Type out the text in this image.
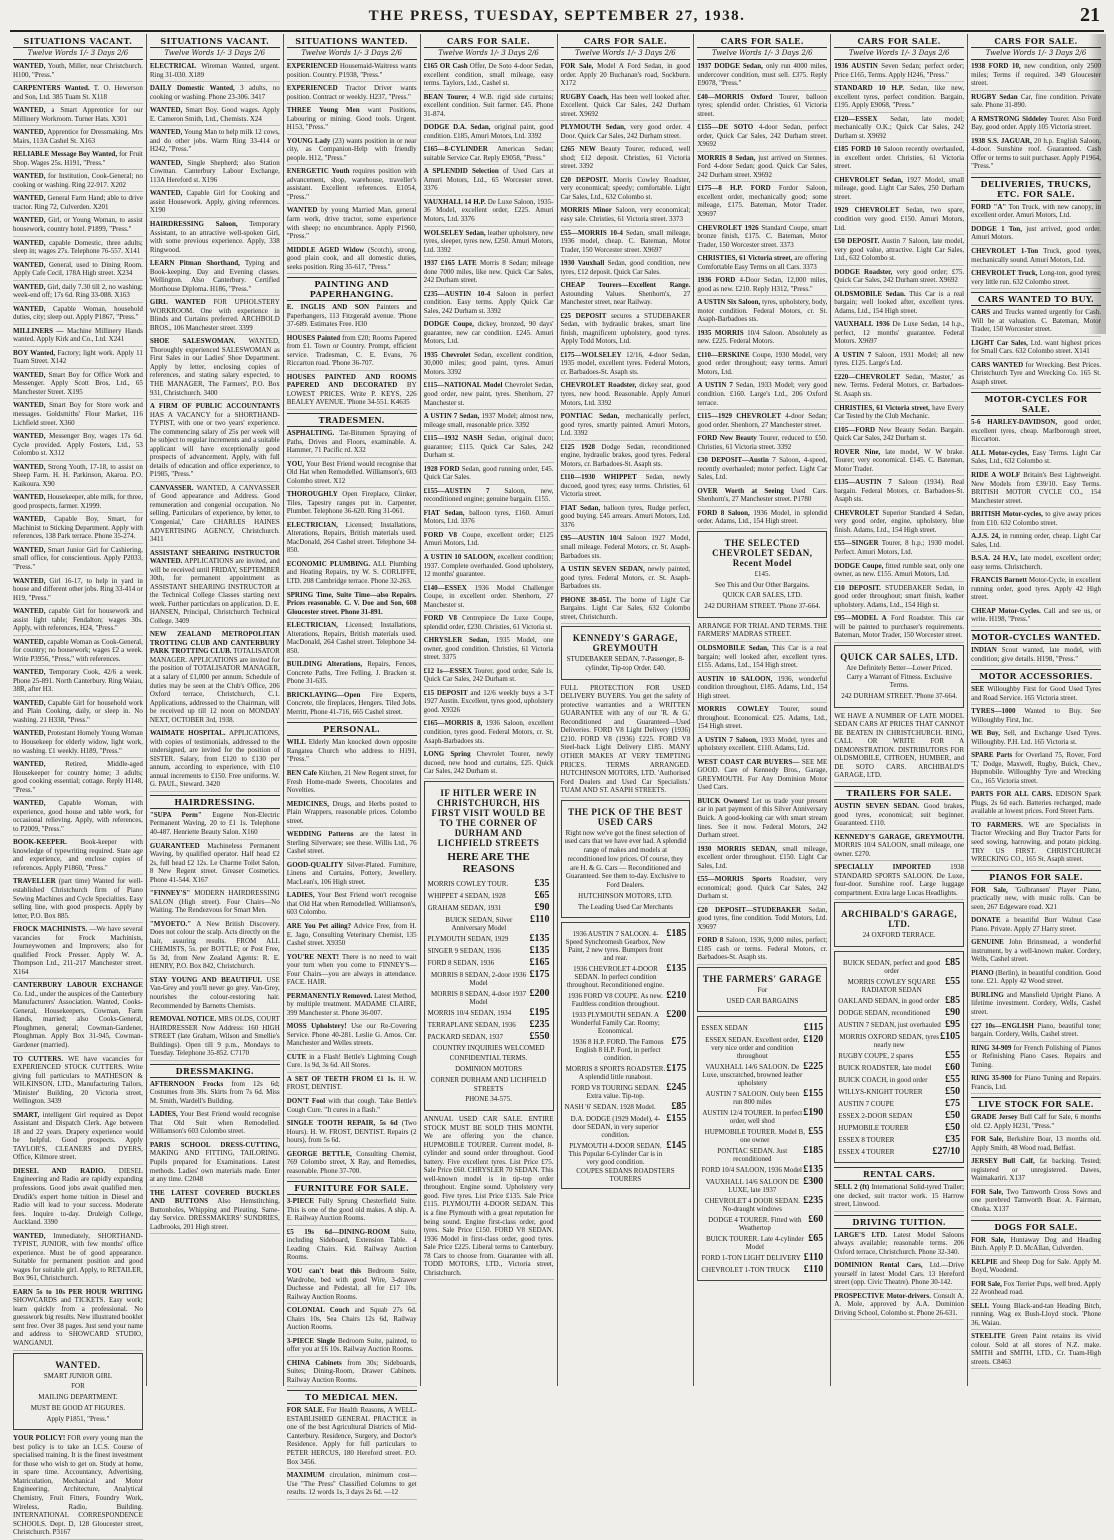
THE PRESS, TUESDAY, SEPTEMBER 27, 1938.	21
SITUATIONS VACANT.
Twelve Words 1/- 3 Days 2/6

WANTED, Youth, Miller, near Christchurch. H100, "Press."

CARPENTERS Wanted. T. O. Hewerson and Son, Ltd. 385 Tuam St. X118

WANTED, a Smart Apprentice for our Millinery Workroom. Turner Hats. X301

WANTED, Apprentice for Dressmaking. Mrs Mairs, 113A Cashel St. X163

RELIABLE Message Boy Wanted, for Fruit Shop. Wages 25s. H191, "Press."

WANTED, for Institution, Cook-General; no cooking or washing. Ring 22-917. X202

WANTED, General Farm Hand; able to drive tractor. Ring 72, Culverden. X201

WANTED, Girl, or Young Woman, to assist housework, country hotel. P1899, "Press."

WANTED, capable Domestic, three adults; sleep in; wages 27s. Telephone 76-557. X141

WANTED, General, used to Dining Room. Apply Cafe Cecil, 178A High street. X234

WANTED, Girl, daily 7.30 till 2, no washing; week-end off; 17s 6d. Ring 33-088. X163

WANTED, Capable Woman, household duties, city; sleep out. Apply P1867, "Press."

MILLINERS — Machine Millinery Hands wanted. Apply Kirk and Co., Ltd. X241

BOY Wanted, Factory; light work. Apply 11 Tuam Street. X142

WANTED, Smart Boy for Office Work and Messenger. Apply Scott Bros, Ltd., 65 Manchester Street. X195

WANTED, Smart Boy for Store work and messages. Goldsmiths' Flour Market, 116 Lichfield street. X360

WANTED, Messenger Boy, wages 17s 6d. Cycle provided. Apply Fosters, Ltd., 53 Colombo st. X312

WANTED, Strong Youth, 17-18, to assist on Sheep Farm. H. H. Parkinson, Akaroa. P.O. Kaikoura. X90

WANTED, Housekeeper, able milk, for three, good prospects, farmer. X1999.

WANTED, Capable Boy, Smart, for Machinist to Sticking Department. Apply with references, 138 Park terrace. Phone 35-274.

WANTED, Smart Junior Girl for Cashiering, small office, for conscientious. Apply P2033, "Press."

WANTED, Girl 16-17, to help in yard in house and different other jobs. Ring 33-414 or H19, "Press."

WANTED, capable Girl for housework and assist light table; Fendalton; wages 30s. Apply, with references, H24, "Press."

WANTED, capable Woman as Cook-General, for country; no housework; wages £2 a week. Write P3956, "Press," with references.

WANTED, Temporary Cook, 42/6 a week. Phone 25-891. North Canterbury. Ring Waiau, 38R, after H3.

WANTED, Capable Girl for household work and Plain Cooking, daily, or sleep in. No washing. 21 H338, "Press."

WANTED, Protestant Homely Young Woman to Housekeep for elderly widow, light work, no washing. £1 weekly. H189, "Press."

WANTED, Retired, Middle-aged Housekeeper for country home; 3 adults; good cooking essential; cottage. Reply H148, "Press."

WANTED, Capable Woman, with experience, good house and table work, for occasional relieving. Apply, with references, to P2009, "Press."

BOOK-KEEPER. Book-keeper with knowledge of typewriting required. State age and experience, and enclose copies of references. Apply P1860, "Press."

TRAVELLER (part time) Wanted for well-established Christchurch firm of Piano Sewing Machines and Cycle Specialties. Easy selling line, with good prospects. Apply by letter, P.O. Box 885.

FROCK MACHINISTS. —We have several vacancies for Frock Machinists, Journeywomen and Improvers; also for qualified Frock Presser. Apply W. A. Thompson Ltd., 211-217 Manchester street. X164

CANTERBURY LABOUR EXCHANGE Co. Ltd., under the auspices of the Canterbury Manufacturers' Association. Wanted, Cooks-General, Housekeepers, Cowman, Farm Hands, married; also Cooks-General, Ploughmen, general; Cowman-Gardener, Ploughman. Apply Box 31-945, Cowman-Gardener (married).

TO CUTTERS. WE have vacancies for EXPERIENCED STOCK CUTTERS. Write giving full particulars to MATHESON & WILKINSON, LTD., Manufacturing Tailors, 'Minister' Building, 20 Victoria street, Wellington. 3439

SMART, intelligent Girl required as Depot Assistant and Dispatch Clerk. Age between 18 and 22 years. Drapery experience would be helpful. Good prospects. Apply TAYLOR'S, CLEANERS and DYERS, Office, Kilmore street.

DIESEL AND RADIO. DIESEL Engineering and Radio are rapidly expanding professions. Good jobs await qualified men. Drudik's expert home tuition in Diesel and Radio will lead to your success. Moderate fees. Inquire to-day. Druleigh College, Auckland. 3390

WANTED, Immediately, SHORTHAND-TYPIST, JUNIOR, with few months' office experience. Must be of good appearance. Suitable for permanent position and good wages for suitable girl. Apply, to RETAILER, Box 961, Christchurch.

EARN 5s to 10s PER HOUR WRITING SHOWCARDS and TICKETS. Easy work; learn quickly from a professional. No guesswork big results. New illustrated booklet sent free. Over 38 pages. Just send your name and address to SHOWCARD STUDIO, WANGANUI.

WANTED.
SMART JUNIOR GIRL
FOR
MAILING DEPARTMENT.
MUST BE GOOD AT FIGURES.
Apply P1851, "Press."

YOUR POLICY! FOR every young man the best policy is to take an I.C.S. Course of specialised training. It is the finest investment for those who wish to get on. Study at home, in spare time. Accountancy, Advertising, Matriculation, Mechanical and Motor Engineering, Architecture, Analytical Chemistry, Fruit Fitters, Foundry Work, Wireless, Radio, Building. INTERNATIONAL CORRESPONDENCE SCHOOLS. Dept. D, 128 Gloucester street, Christchurch. P3167

SITUATIONS VACANT.
Twelve Words 1/- 3 Days 2/6

ELECTRICAL Wireman Wanted, urgent. Ring 31-030. X189

DAILY Domestic Wanted, 3 adults, no cooking or washing. Phone 23-306. 3417

WANTED, Smart Boy. Good wages. Apply E. Cameron Smith, Ltd., Chemists. X24

WANTED, Young Man to help milk 12 cows, and do other jobs. Warm Ring 33-414 or H242, "Press."

WANTED, Single Shepherd; also Station Cowman. Canterbury Labour Exchange, 113A Hereford st. X196

WANTED, Capable Girl for Cooking and assist Housework. Apply, giving references. X190

HAIRDRESSING Saloon, Temporary Assistant, to an attractive well-spoken Girl, with some previous experience. Apply, 338 Ringwood.

LEARN Pitman Shorthand, Typing and Book-keeping. Day and Evening classes. Wellington. Also Canterbury. Certified Morthouse Diploma. H186, "Press."

GIRL WANTED FOR UPHOLSTERY WORKROOM. One with experience in Blinds and Curtains preferred. ARCHBOLD BROS., 106 Manchester street. 3399

SHOE SALESWOMAN. WANTED, Thoroughly experienced SALESWOMAN as First Sales in our Ladies' Shoe Department. Apply by letter, enclosing copies of references, and stating salary expected, to THE MANAGER, The Farmers', P.O. Box 931, Christchurch. 3400

A FIRM OF PUBLIC ACCOUNTANTS HAS A VACANCY for a SHORTHAND-TYPIST, with one or two years' experience. The commencing salary of 25s per week will be subject to regular increments and a suitable applicant will have exceptionally good prospects of advancement. Apply, with full details of education and office experience, to P1985, "Press."

CANVASSER. WANTED, A CANVASSER of Good appearance and Address. Good remuneration and congenial occupation. No selling. Particulars of experience, by letter, to 'Congenial,' Care CHARLES HAINES ADVERTISING AGENCY, Christchurch. 3411

ASSISTANT SHEARING INSTRUCTOR WANTED. APPLICATIONS are invited, and will be received until FRIDAY, SEPTEMBER 30th, for permanent appointment as ASSISTANT SHEARING INSTRUCTOR at the Technical College Classes starting next week. Further particulars on application. D. E. HANSEN, Principal, Christchurch Technical College. 3409

NEW ZEALAND METROPOLITAN TROTTING CLUB AND CANTERBURY PARK TROTTING CLUB. TOTALISATOR MANAGER. APPLICATIONS are invited for the position of TOTALISATOR MANAGER, at a salary of £1,000 per annum. Schedule of duties may be seen at the Club's Office, 206 Oxford terrace, Christchurch, C.1. Applications, addressed to the Chairman, will be received up till 12 noon on MONDAY NEXT, OCTOBER 3rd, 1938.

WAIMATE HOSPITAL. APPLICATIONS, with copies of testimonials, addressed to the undersigned, are invited for the position of SISTER. Salary, from £120 to £130 per annum, according to experience, with £10 annual increments to £150. Free uniforms. W. G. PAUL, Steward. 3420

HAIRDRESSING.

"SUPA Perm" Eugene Non-Electric Permanent Waving, 20 to £1 1s. Telephone 40-487. Henriette Beauty Salon. X160

GUARANTEED Machineless Permanent Waving, by qualified operator. Half head £2 2s, full head £2 12s. Le Charme Toilet Salon, 8 New Regent street. Greaser Cosmetics. Phone 41-544. X167

"FINNEY'S" MODERN HAIRDRESSING SALON (High street). Four Chairs—No Waiting. The Rendezvous for Smart Men.

"MYOETO." A New British Discovery. Does not colour the scalp. Acts directly on the hair, assuring results. FROM ALL CHEMISTS, 5s. per BOTTLE; or Post Free, 5s 3d, from New Zealand Agents: R. E. HENRY, P.O. Box 842, Christchurch.

STAY YOUNG AND BEAUTIFUL USE Van-Grey and you'll never go grey. Van-Grey, nourishes the colour-restoring hair. Recommended by Barnetts Chemists.

REMOVAL NOTICE. MRS OLDS, COURT HAIRDRESSER Now Address: 160 HIGH STREET (late Graham, Wilson and Smellie's Buildings). Open till 9 p.m., Mondays to Tuesday. Telephone 35-852. C7170

DRESSMAKING.

AFTERNOON Frocks from 12s 6d; Costumes from 30s. Skirts from 7s 6d. Miss M. Smith, Wardell's Building.

LADIES, Your Best Friend would recognise That Old Suit when Remodelled. Williamson's 603 Colombo street.

PARIS SCHOOL DRESS-CUTTING, MAKING AND FITTING, TAILORING. Pupils prepared for Examinations. Latest methods. Ladies' own materials made. Enter at any time. C2048

THE LATEST COVERED BUCKLES AND BUTTONS Also Hemstitching, Buttonholes, Whipping and Pleating. Same-day Service. DRESSMAKERS' SUNDRIES, Ladbrooks, 201 High street.

SITUATIONS WANTED.
Twelve Words 1/- 3 Days 2/6

EXPERIENCED Housemaid-Waitress wants position. Country. P1938, "Press."

EXPERIENCED Tractor Driver wants position. Contract or weekly. H237, "Press."

THREE Young Men want Positions, Labouring or mining. Good tools. Urgent. H153, "Press."

YOUNG Lady (23) wants position in or near city, as Companion-Help with friendly people. H12, "Press."

ENERGETIC Youth requires position with advancement, shop, warehouse, traveller's assistant. Excellent references. E1054, "Press."

WANTED by young Married Man, general farm work, drive tractor, some experience with sheep; no encumbrance. Apply P1960, "Press."

MIDDLE AGED Widow (Scotch), strong, good plain cook, and all domestic duties, seeks position. Ring 35-617, "Press."

PAINTING AND PAPERHANGING.

E. INGLIS AND SON Painters and Paperhangers, 113 Fitzgerald avenue. 'Phone 37-689. Estimates Free. H30

HOUSES Painted from £20; Rooms Papered from £1. Town or Country. Prompt, efficient service. Tradesman, C. E. Evans, 76 Riccarton road. 'Phone 36-707.

HOUSES PAINTED AND ROOMS PAPERED AND DECORATED BY LOWEST PRICES. Write P. KEYS, 226 BEALEY AVENUE. 'Phone 34-551. K4635

TRADESMEN.

ASPHALTING. Tar-Bitumen Spraying of Paths, Drives and Floors, examinable. A. Hammer, 71 Pacific rd. X32

YOU, Your Best Friend would recognise that Old Hat when Remodelled. Williamson's, 603 Colombo street. X12

THOROUGHLY Open Fireplace, Clinker, Tiles, Tapestry ranges put in. Carpenter, Plumber. Telephone 36-620. Ring 31-061.

ELECTRICIAN, Licensed; Installations, Alterations, Repairs, British materials used. MacDonald, 264 Cashel street. Telephone 34-850.

ECONOMIC PLUMBING. ALL Plumbing and Heating Repairs, try W. S. CORLIFFE, LTD. 208 Cambridge terrace. Phone 32-263.

SPRING Time, Suite Time—also Repairs. Prices reasonable. C. V. Doe and Son, 608 Gloucester street. Phone 31-891.

ELECTRICIAN, Licensed; Installations, Alterations, Repairs, British materials used. MacDonald, 264 Cashel street. Telephone 34-850.

BUILDING Alterations, Repairs, Fences, Concrete Paths, Tree Felling. J. Bracken st. Phone 31-635.

BRICKLAYING—Open Fire Experts, Concrete, tile fireplaces, Hengers. Tiled Jobs. Merritt, Phone 41-716, 665 Cashel street.

PERSONAL.

WILL Elderly Man knocked down opposite Rangatea Church who address to H191, "Press."

BEN Cafe Kitchen, 21 New Regent street, for Fresh Home-made Sweets, Chocolates and Novelties.

MEDICINES, Drugs, and Herbs posted to Plain Wrappers, reasonable prices. Colombo street.

WEDDING Patterns are the latest in Sterling Silverware; see these. Willis Ltd., 76 Cashel street.

GOOD-QUALITY Silver-Plated. Furniture, Linens and Curtains, Pottery, Jewellery. MacLean's, 106 High street.

LADIES, Your Best Friend won't recognise that Old Hat when Remodelled. Williamson's, 603 Colombo.

ARE You Pet ailing? Advice Free, from H. E. Jago, Consulting Veterinary Chemist, 135 Cashel street. X9350

YOU'RE NEXT! There is no need to wait your turn when you come to FINNEY'S—Four Chairs—you are always in attendance. FACE. HAIR.

PERMANENTLY Removed. Latest Method, by multiple treatment. MADAME CLAIRE, 399 Manchester st. Phone 36-007.

MOSS Upholstery! Use our Re-Covering Service. Phone 40-281. Leslie G. Amos. Cnr. Manchester and Welles streets.

CUTE in a Flash! Bettle's Lightning Cough Cure. 1s 9d, 3s 6d. All Stores.

A SET OF TEETH FROM £1 1s. H. W. FROST, DENTIST.

DON'T Fool with that cough. Take Bettle's Cough Cure. "It cures in a flash."

SINGLE TOOTH REPAIR, 5s 6d (Two Hours). H. W. FROST, DENTIST. Repairs (2 hours), from 5s 6d.

GEORGE BETTLE, Consulting Chemist, 769 Colombo street, X Ray, and Remedies, reasonable. Phone 37-700.

FURNITURE FOR SALE.

3-PIECE Fully Sprung Chesterfield Suite. This is one of the good old makes. A ship. A. E. Railway Auction Rooms.

£5 19s 6d—DINING-ROOM Suite, including Sideboard, Extension Table. 4 Leading Chairs. Kid. Railway Auction Rooms.

YOU can't beat this Bedroom Suite, Wardrobe, bed with good Wire, 3-drawer Duchesse and Pedestal, all for £17 10s. Railway Auction Rooms.

COLONIAL Couch and Squab 27s 6d. Chairs 10s, Sea Chairs 12s 6d, Railway Auction Rooms.

3-PIECE Single Bedroom Suite, painted, to offer you at £6 10s. Railway Auction Rooms.

CHINA Cabinets from 30s; Sideboards, Suites; Dining-Room, Drawer Cabinets. Railway Auction Rooms.

TO MEDICAL MEN.

FOR SALE. For Health Reasons, A WELL-ESTABLISHED GENERAL PRACTICE in one of the best Agricultural Districts of Mid-Canterbury. Residence, Surgery, and Doctor's Residence. Apply for full particulars to PETER HERCUS, 180 Hereford street. P.O. Box 3456.

MAXIMUM circulation, minimum cost—Use "The Press" Classified Columns to get results. 12 words 1s, 3 days 2s 6d. —12

CARS FOR SALE.
Twelve Words 1/- 3 Days 2/6

£165 OR Cash Offer, De Soto 4-door Sedan, excellent condition, small mileage, easy terms. Taylors, Ltd., Cashel st.

BEAN Tourer, 4 W.B. rigid side curtains; excellent condition. Suit farmer. £45. Phone 31-874.

DODGE D.A. Sedan, original paint, good condition. £185, Amuri Motors, Ltd. 3392

£165—8-CYLINDER American Sedan; suitable Service Car. Reply E9058, "Press."

A SPLENDID Selection of Used Cars at Amuri Motors, Ltd., 65 Worcester street. 3376

VAUXHALL 14 H.P. De Luxe Saloon, 1935-36 Model, excellent order, £225. Amuri Motors, Ltd. 3376

WOLSELEY Sedan, leather upholstery, new tyres, sleeper, tyres new, £250. Amuri Motors, Ltd. 3392

1937 £165 LATE Morris 8 Sedan; mileage done 7000 miles, like new. Quick Car Sales, 242 Durham street.

£235—AUSTIN 10-4 Saloon in perfect condition. Easy terms. Apply Quick Car Sales, 242 Durham st. 3392

DODGE Coupe, dickey, bronzed, 90 days' guarantee, new car condition. £245. Amuri Motors, Ltd.

1935 Chevrolet Sedan, excellent condition, 30,000 miles; good paint, tyres. Amuri Motors. 3392

£115—NATIONAL Model Chevrolet Sedan, good order, new paint, tyres. Shenhorn, 27 Manchester st.

A USTIN 7 Sedan, 1937 Model; almost new, mileage small, reasonable price. 3392

£115—1932 NASH Sedan, original duco; guarantee; £115. Quick Car Sales, 242 Durham st.

1928 FORD Sedan, good running order, £45. Quick Car Sales.

£155—AUSTIN 7 Saloon, new, reconditioned engine; genuine bargain. £155.

FIAT Sedan, balloon tyres, £160. Amuri Motors, Ltd. 3376

FORD V8 Coupe, excellent order; £125 Amuri Motors, Ltd.

A USTIN 10 SALOON, excellent condition; 1937. Complete overhauled. Good upholstery, 12 months' guarantee.

£140—ESSEX 1936 Model Challenger Coupe, in excellent order. Shenhorn, 27 Manchester st.

FORD V8 Centrepiece De Luxe Coupe, splendid order, £230. Christies, 61 Victoria st.

CHRYSLER Sedan, 1935 Model, one owner, good condition. Christies, 61 Victoria street. 3375

£12 1s—ESSEX Tourer, good order, Sale 1s. Quick Car Sales, 242 Durham st.

£15 DEPOSIT and 12/6 weekly buys a 3-T 1927 Austin. Excellent, tyres good, upholstery good. X9326

£165—MORRIS 8, 1936 Saloon, excellent condition, tyres good. Federal Motors, cr. St. Asaph-Barbadoes sts.

LONG Spring Chevrolet Tourer, newly ducoed, new hood and curtains, £25. Quick Car Sales, 242 Durham st.

IF HITLER WERE IN CHRISTCHURCH, HIS FIRST VISIT WOULD BE TO THE CORNER OF DURHAM AND LICHFIELD STREETS
HERE ARE THE REASONS
MORRIS COWLEY TOUR.	£35
WHIPPET 4 SEDAN, 1928	£65
GRAHAM SEDAN, 1931	£90
BUICK SEDAN, Silver Anniversary Model
£110
PLYMOUTH SEDAN, 1929 £135
SINGER 9 SEDAN, 1936	£135
FORD 8 SEDAN, 1936	£165
MORRIS 8 SEDAN, 2-door 1936 Model
£175
MORRIS 8 SEDAN, 4-door 1937 Model
£200
MORRIS 10/4 SEDAN, 1934 £195
TERRAPLANE SEDAN, 1936 £235
PACKARD SEDAN, 1937	£550
COUNTRY INQUIRIES WELCOMED
CONFIDENTIAL TERMS.
DOMINION MOTORS
CORNER DURHAM AND LICHFIELD STREETS
PHONE 34-575.

ANNUAL USED CAR SALE. ENTIRE STOCK MUST BE SOLD THIS MONTH. We are offering you the chance. HUPMOBILE TOURER. Current model, 8-cylinder and sound order throughout. Good battery. Five excellent tyres. List Price £75. Sale Price £60. CHRYSLER 70 SEDAN. This well-known model is in tip-top order throughout. Engine sound. Upholstery very good. Five tyres. List Price £135. Sale Price £115. PLYMOUTH 4-DOOR SEDAN. This is a fine Plymouth with a great reputation for being sound. Engine first-class order, good tyres. Sale Price £150. FORD V8 SEDAN. 1936 Model in first-class order, good tyres. Sale Price £225. Liberal terms to Canterbury. 78 Cars to choose from. Guarantee with all. TODD MOTORS, LTD., Victoria street, Christchurch.

CARS FOR SALE.
Twelve Words 1/- 3 Days 2/6

FOR Sale, Model A Ford Sedan, in good order. Apply 20 Buchanan's road, Sockburn. X172

RUGBY Coach, Has been well looked after. Excellent. Quick Car Sales, 242 Durham street. X9692

PLYMOUTH Sedan, very good order. 4 Door. Quick Car Sales, 242 Durham street.

£265 NEW Beauty Tourer, reduced, well shod; £12 deposit. Christies, 61 Victoria street. 3392

£20 DEPOSIT. Morris Cowley Roadster, very economical; speedy; comfortable. Light Car Sales, Ltd., 632 Colombo st.

MORRIS Minor Saloon, very economical; easy sale. Christies, 61 Victoria street. 3373

£55—MORRIS 10-4 Sedan, small mileage, 1936 model, cheap. C. Bateman, Motor Trader, 150 Worcester street. X9697

1930 Vauxhall Sedan, good condition, new tyres, £12 deposit. Quick Car Sales.

CHEAP Tourers—Excellent Range. Astounding Values. Shenhorn's, 27 Manchester street, near Railway.

£25 DEPOSIT secures a STUDEBAKER Sedan, with hydraulic brakes, smart line finish, magnificent upholstery, good tyres. Apply Todd Motors, Ltd.

£175—WOLSELEY 12/16, 4-door Sedan, 1935 model, excellent tyres. Federal Motors, cr. Barbadoes-St. Asaph sts.

CHEVROLET Roadster, dickey seat, good tyres, new hood. Reasonable. Apply Amuri Motors, Ltd. 3392

PONTIAC Sedan, mechanically perfect, good tyres, smartly painted. Amuri Motors, Ltd. 3392

£125 1928 Dodge Sedan, reconditioned engine, hydraulic brakes, good tyres. Federal Motors, cr. Barbadoes-St. Asaph sts.

£110—1930 WHIPPET Sedan, newly ducoed, good tyres; easy terms. Christies, 61 Victoria street.

FIAT Sedan, balloon tyres, Rudge perfect, good buying. £45 arrears. Amuri Motors, Ltd. 3376

£95—AUSTIN 10/4 Saloon 1927 Model, small mileage. Federal Motors, cr. St. Asaph-Barbadoes sts.

A USTIN SEVEN SEDAN, newly painted, good tyres. Federal Motors, cr. St. Asaph-Barbadoes sts.

PHONE 38-051. The home of Light Car Bargains. Light Car Sales, 632 Colombo street, Christchurch.

KENNEDY'S GARAGE, GREYMOUTH
STUDEBAKER SEDAN, 7-Passenger, 8-cylinder, Tip-top Order. £40.

FULL PROTECTION FOR USED DELIVERY BUYERS. You get the safety of protective warranties and a WRITTEN GUARANTEE with any of our 'R. & G.' Reconditioned and Guaranteed—Used Deliveries. FORD V8 Light Delivery (1936) £210. FORD V8 (1936) £225. FORD V8 Steel-back Light Delivery £185. MANY OTHER MAKES AT VERY TEMPTING PRICES. TERMS ARRANGED. HUTCHINSON MOTORS, LTD. 'Authorised Ford Dealers and Used Car Specialists.' TUAM AND ST. ASAPH STREETS.

THE PICK OF THE BEST USED CARS
Right now we've got the finest selection of used cars that we have ever had. A splendid range of makes and models at reconditioned low prices. Of course, they are H. & G. Cars — Reconditioned and Guaranteed. See them to-day. Exclusive to Ford Dealers.
HUTCHINSON MOTORS, LTD.
The Leading Used Car Merchants
1936 AUSTIN 7 SALOON. 4-Speed Synchromesh Gearbox, New Paint, 2 new tyres. Bumpers front and rear.
£185
1936 CHEVROLET 4-DOOR SEDAN. In perfect condition throughout. Reconditioned engine.
£135
1936 FORD V8 COUPE. As new. Faultless condition throughout.
£210
1933 PLYMOUTH SEDAN. A Wonderful Family Car. Roomy; Economical.
£200
1936 8 H.P. FORD. The Famous English 8 H.P. Ford, in perfect condition.
£75
MORRIS 8 SPORTS ROADSTER. A splendid little runabout.
£175
FORD V8 TOURING SEDAN. Extra value. Tip-top.
£245
NASH '6' SEDAN. 1928 Model. £85
D.A. DODGE (1929 Model), 4-door SEDAN, in very superior condition.
£155
PLYMOUTH 4-DOOR SEDAN. This Popular 6-Cylinder Car is in very good condition.
£145
COUPES SEDANS ROADSTERS TOURERS
CARS FOR SALE.
Twelve Words 1/- 3 Days 2/6

1937 DODGE Sedan, only run 4000 miles, undercover condition, must sell. £375. Reply E9078, "Press."

£40—MORRIS Oxford Tourer, balloon tyres; splendid order. Christies, 61 Victoria street.

£155—DE SOTO 4-door Sedan, perfect order, Quick Car Sales, 242 Durham street. X9692

MORRIS 8 Sedan, just arrived on Stennes. Ford 4-door Sedan; good. Quick Car Sales, 242 Durham street. X9692

£175—8 H.P. FORD Fordor Saloon, excellent order, mechanically good; some mileage, £175. Bateman, Motor Trader. X9697

CHEVROLET 1926 Standard Coupe, smart bronze finish, £175. C. Bateman, Motor Trader, 150 Worcester street. 3373

CHRISTIES, 61 Victoria street, are offering Comfortable Easy Terms on all Cars. 3373

1936 FORD 4-Door Sedan, 12,000 miles, good as new. £210. Reply H312, "Press."

A USTIN Six Saloon, tyres, upholstery, body, motor condition. Federal Motors, cr. St. Asaph-Barbadoes sts.

1935 MORRIS 10/4 Saloon. Absolutely as new. £225. Federal Motors.

£110—ERSKINE Coupe, 1930 Model, very good order throughout; easy terms. Amuri Motors, Ltd.

A USTIN 7 Sedan, 1933 Model; very good condition. £160. Large's Ltd., 206 Oxford terrace.

£115—1929 CHEVROLET 4-door Sedan; good order. Shenhorn, 27 Manchester street.

FORD New Beauty Tourer, reduced to £50. Christies, 61 Victoria street. 3392

£30 DEPOSIT—Austin 7 Saloon, 4-speed, recently overhauled; motor perfect. Light Car Sales, Ltd.

OVER Worth at Seeing Used Cars. Shenhorn's, 27 Manchester street. P1780

FORD 8 Saloon, 1936 Model, in splendid order. Adams, Ltd., 154 High street.

THE SELECTED CHEVROLET SEDAN, Recent Model
£145.
See This and Our Other Bargains.
QUICK CAR SALES, LTD.
242 DURHAM STREET. 'Phone 37-664.

ARRANGE FOR TRIAL AND TERMS. THE FARMERS' MADRAS STREET.

OLDSMOBILE Sedan, This Car is a real bargain; well looked after, excellent tyres. £155. Adams, Ltd., 154 High street.

AUSTIN 10 SALOON, 1936, wonderful condition throughout, £185. Adams, Ltd., 154 High street.

MORRIS COWLEY Tourer, sound throughout. Economical. £25. Adams, Ltd., 154 High street.

A USTIN 7 Saloon, 1933 Model, tyres and upholstery excellent. £110. Adams, Ltd.

WEST COAST CAR BUYERS— SEE ME GOOD. Care of Kennedy Bros., Garage, GREYMOUTH. For Any Dominion Motor Used Cars.

BUICK Owners! Let us trade your present car in part payment of this Silver Anniversary Buick. A good-looking car with smart stream lines. See it now. Federal Motors, 242 Durham street.

1930 MORRIS SEDAN, small mileage, excellent order throughout. £150. Light Car Sales, Ltd.

£55—MORRIS Sports Roadster, very economical; good. Quick Car Sales, 242 Durham st.

£20 DEPOSIT—STUDEBAKER Sedan, good tyres, fine condition. Todd Motors, Ltd. X9697

FORD 8 Saloon, 1936, 9,000 miles, perfect; £185 cash or terms. Federal Motors, cr. Barbadoes-St. Asaph sts.

THE FARMERS' GARAGE
For
USED CAR BARGAINS
ESSEX SEDAN	£115
ESSEX SEDAN. Excellent order, very nice order and condition throughout
£120
VAUXHALL 14/6 SALOON. De Luxe, unscratched, browned leather upholstery
£225
AUSTIN 7 SALOON. Only been run 800 miles
£155
AUSTIN 12/4 TOURER. In perfect order, well shod
£190
HUPMOBILE TOURER. Model B, one owner
£55
PONTIAC SEDAN. Just reconditioned
£185
FORD 10/4 SALOON, 1936 Model £135
VAUXHALL 14/6 SALOON DE LUXE, late 1937
£300
CHEVROLET 4 DOOR SEDAN. No-draught windows
£235
DODGE 4 TOURER. Fitted with Weathertop
£60
BUICK TOURER. Late 4-cylinder Model
£65
FORD 1-TON LIGHT DELIVERY £110
CHEVROLET 1-TON TRUCK £110
CARS FOR SALE.
Twelve Words 1/- 3 Days 2/6

1936 AUSTIN Seven Sedan; perfect order; Price £165, Terms. Apply H246, "Press."

STANDARD 10 H.P. Sedan, like new, excellent tyres, perfect condition. Bargain, £195. Apply E9068, "Press."

£120—ESSEX Sedan, late model; mechanically O.K.; Quick Car Sales, 242 Durham st. X9692

£185 FORD 10 Saloon recently overhauled, in excellent order. Christies, 61 Victoria street.

CHEVROLET Sedan, 1927 Model, small mileage, good. Light Car Sales, 250 Durham street.

1929 CHEVROLET Sedan, two spare, condition very good. £150. Amuri Motors, Ltd.

£50 DEPOSIT. Austin 7 Saloon, late model, very good value, attractive. Light Car Sales, Ltd., 632 Colombo st.

DODGE Roadster, very good order; £75. Quick Car Sales, 242 Durham street. X9692

OLDSMOBILE Sedan. This Car is a real bargain; well looked after, excellent tyres. Adams, Ltd., 154 High street.

VAUXHALL 1936 De Luxe Sedan, 14 h.p., perfect, 12 months' guarantee. Federal Motors. X9697

A USTIN 7 Saloon, 1931 Model; all new tyres. £125. Large's Ltd.

£220—CHEVROLET Sedan, 'Master,' as new. Terms. Federal Motors, cr. Barbadoes-St. Asaph sts.

CHRISTIES, 61 Victoria street, have Every Car Tested by the Club Mechanic.

£105—FORD New Beauty Sedan. Bargain. Quick Car Sales, 242 Durham st.

ROVER Nine, late model, W W brake. Tourer; very economical. £145. C. Bateman, Motor Trader.

£135—AUSTIN 7 Saloon (1934). Real bargain. Federal Motors, cr. Barbadoes-St. Asaph sts.

CHEVROLET Superior Standard 4 Sedan, very good order, engine, upholstery, blue finish. Adams, Ltd., 154 High street.

£55—SINGER Tourer, 8 h.p.; 1930 model. Perfect. Amuri Motors, Ltd.

DODGE Coupe, fitted rumble seat, only one owner, as new. £155. Amuri Motors, Ltd.

£10 DEPOSIT. STUDEBAKER Sedan, in good order throughout; smart finish, leather upholstery. Adams, Ltd., 154 High st.

£95—MODEL A Ford Roadster. This car will be painted to purchaser's requirements. Bateman, Motor Trader, 150 Worcester street.

QUICK CAR SALES, LTD.
Are Definitely Better—Lower Priced. Carry a Warrant of Fitness. Exclusive Terms.
242 DURHAM STREET. 'Phone 37-664.

WE HAVE A NUMBER OF LATE MODEL SEDAN CARS AT PRICES THAT CANNOT BE BEATEN IN CHRISTCHURCH. RING, CALL OR WRITE FOR A DEMONSTRATION. DISTRIBUTORS FOR OLDSMOBILE, CITROEN, HUMBER, and DE SOTO CARS. ARCHIBALD'S GARAGE, LTD.

TRAILERS FOR SALE.

AUSTIN SEVEN SEDAN. Good brakes, good tyres, economical; suit beginner. Guaranteed. £110.

KENNEDY'S GARAGE, GREYMOUTH. MORRIS 10/4 SALOON, small mileage, one owner. £270.

SPECIALLY IMPORTED 1938 STANDARD SPORTS SALOON. De Luxe, four-door. Sunshine roof. Large luggage compartment. Extra large Lucas Headlights.

ARCHIBALD'S GARAGE, LTD.
24 OXFORD TERRACE.
BUICK SEDAN, perfect and good order
£85
MORRIS COWLEY SQUARE RADIATOR SEDAN
£55
OAKLAND SEDAN, in good order £85
DODGE SEDAN, reconditioned £90
AUSTIN 7 SEDAN, just overhauled £95
MORRIS OXFORD SEDAN, tyres nearly new
£105
RUGBY COUPE, 2 spares	£55
BUICK ROADSTER, late model £60
BUICK COACH, in good order £55
WILLYS-KNIGHT TOURER £50
AUSTIN 7 COUPE	£75
ESSEX 2-DOOR SEDAN	£50
HUPMOBILE TOURER	£50
ESSEX 8 TOURER	£35
ESSEX 4 TOURER	£27/10
RENTAL CARS.

SELL 2 (ft) International Solid-tyred Trailer; one decked, suit tractor work. 15 Harrow street, Linwood.

DRIVING TUITION.

LARGE'S LTD. Latest Model Saloons always available; reasonable terms. 206 Oxford terrace, Christchurch. Phone 32-340.

DOMINION Rental Cars, Ltd.—Drive yourself in latest Model Cars. 13 Hereford street (opp. Civic Theatre). Phone 30-142.

PROSPECTIVE Motor-drivers. Consult A. A. Mole, approved by A.A. Dominion Driving School, Colombo st. Phone 26-631.

CARS FOR SALE.
Twelve Words 1/- 3 Days 2/6

1938 FORD 10, new condition, only 2500 miles; Terms if required. 349 Gloucester street.

RUGBY Sedan Car, fine condition. Private sale. Phone 31-890.

A RMSTRONG Siddeley Tourer. Also Ford Bay, good order. Apply 105 Victoria street.

1938 S.S. JAGUAR, 20 h.p. English Saloon, 4-door. Sunshine roof. Guaranteed. Cash Offer or terms to suit purchaser. Apply P1964, "Press."

DELIVERIES, TRUCKS, ETC. FOR SALE.

FORD "A" Ton Truck, with new canopy, in excellent order. Amuri Motors, Ltd.

DODGE 1 Ton, just arrived, good order. Amuri Motors.

CHEVROLET 1-Ton Truck, good tyres, mechanically sound. Amuri Motors, Ltd.

CHEVROLET Truck, Long-ton, good tyres; very little run. 632 Colombo street.

CARS WANTED TO BUY.

CARS and Trucks wanted urgently for Cash. Will be at valuation. C. Bateman, Motor Trader, 150 Worcester street.

LIGHT Car Sales, Ltd. want highest prices for Small Cars. 632 Colombo street. X141

CARS WANTED for Wrecking. Best Prices. Christchurch Tyre and Wrecking Co. 165 St. Asaph street.

MOTOR-CYCLES FOR SALE.

5-6 HARLEY-DAVIDSON, good order, excellent tyres, cheap. Marlborough street, Riccarton.

ALL Motor-cycles, Easy Terms. Light Car Sales, Ltd., 632 Colombo st.

RIDE A WOLF Britain's Best Lightweight. New Models from £39/10. Easy Terms. BRITISH MOTOR CYCLE CO., 154 Manchester street.

BRITISH Motor-cycles, to give away prices from £10. 632 Colombo street.

A.J.S. 24, in running order, cheap. Light Car Sales, Ltd.

B.S.A. 24 H.V., late model, excellent order; easy terms. Christchurch.

FRANCIS Barnett Motor-Cycle, in excellent running order, good tyres. Apply 42 High street.

CHEAP Motor-Cycles. Call and see us, or write. H198, "Press."

MOTOR-CYCLES WANTED.

INDIAN Scout wanted, late model, with condition; give details. H198, "Press."

MOTOR ACCESSORIES.

SEE Willoughby First for Good Used Tyres and Road Service. 165 Victoria street.

TYRES—1000 Wanted to Buy. See Willoughby First, Inc.

WE Buy, Sell, and Exchange Used Tyres. Willoughby. P.H. Ltd. 165 Victoria st.

SPARE Parts for Overland 75, Rover, Ford 'T,' Dodge, Maxwell, Rugby, Buick, Chev., Hupmobile. Willoughby Tyre and Wrecking Co., 165 Victoria street.

PARTS FOR ALL CARS. EDISON Spark Plugs, 2s 6d each. Batteries recharged, made available at lowest prices. Ford Street Parts.

TO FARMERS. WE are Specialists in Tractor Wrecking and Buy Tractor Parts for seed sowing, harrowing, and potato picking. TRY US FIRST. CHRISTCHURCH WRECKING CO., 165 St. Asaph street.

PIANOS FOR SALE.

FOR Sale, 'Gulbransen' Player Piano, practically new, with music rolls. Can be seen, 267 Edgeware road. X21

DONATE a beautiful Burr Walnut Case Piano. Private. Apply 27 Harry street.

GENUINE John Brinsmead, a wonderful instrument, by a well-known maker. Cordery, Wells, Cashel street.

PIANO (Berlin), in beautiful condition. Good tone. £21. Apply 42 Wood street.

BURLING and Mansfield Upright Piano. A lifetime investment. Cordery, Wells, Cashel street.

£27 10s—ENGLISH Piano, beautiful tone; bargain. Cordery, Wells, Cashel street.

RING 34-909 for French Polishing of Pianos or Refinishing Piano Cases. Repairs and Tuning.

RING 35-900 for Piano Tuning and Repairs. Francis, Ltd.

LIVE STOCK FOR SALE.

GRADE Jersey Bull Calf for Sale, 6 months old. £2. Apply H231, "Press."

FOR Sale, Berkshire Boar, 13 months old. Apply Smith, 48 Wood road, Belfast.

JERSEY Bull Calf, fat backing. Tested; registered or unregistered. Dawes, Waimakariri. X137

FOR Sale, Two Tamworth Cross Sows and one purebred Tamworth Boar. A. Fairman, Ohoka. X137

DOGS FOR SALE.

FOR Sale, Huntaway Dog and Heading Bitch. Apply P. D. McAllan, Culverden.

KELPIE and Sheep Dog for Sale. Apply M. Boyd, Woodend.

FOR Sale, Fox Terrier Pups, well bred. Apply 22 Avonhead road.

SELL Young Black-and-tan Heading Bitch, running. Wag ex Bush-Lloyd stock. 'Phone 36, Waiau.

STEELITE Green Paint retains its vivid colour. Sold at all stores of N.Z. make. SMITH and SMITH, LTD., Cr. Tuam-High streets. C8463
